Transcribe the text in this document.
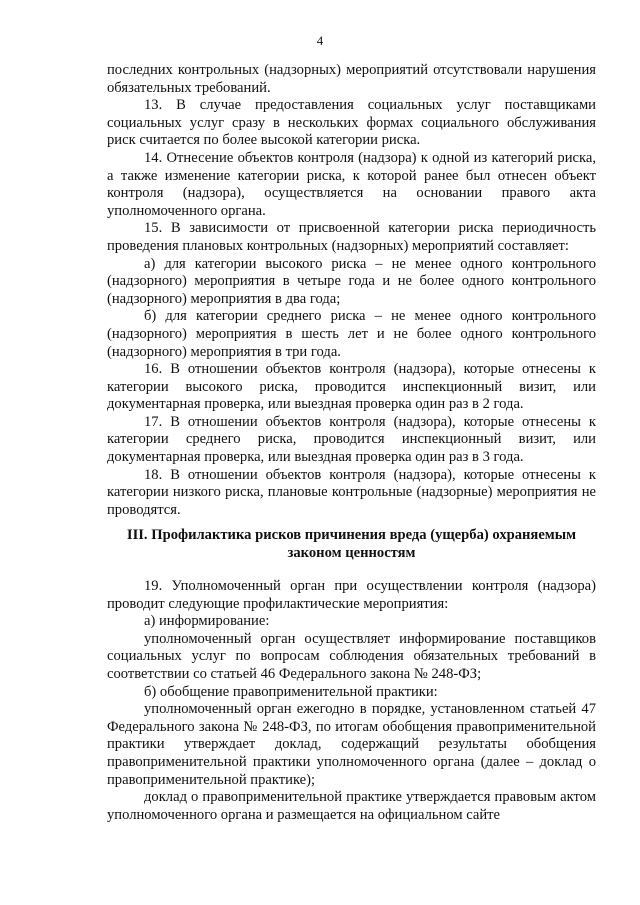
4

последних контрольных (надзорных) мероприятий отсутствовали нарушения обязательных требований.

13. В случае предоставления социальных услуг поставщиками социальных услуг сразу в нескольких формах социального обслуживания риск считается по более высокой категории риска.

14. Отнесение объектов контроля (надзора) к одной из категорий риска, а также изменение категории риска, к которой ранее был отнесен объект контроля (надзора), осуществляется на основании правого акта уполномоченного органа.

15. В зависимости от присвоенной категории риска периодичность проведения плановых контрольных (надзорных) мероприятий составляет:

а) для категории высокого риска – не менее одного контрольного (надзорного) мероприятия в четыре года и не более одного контрольного (надзорного) мероприятия в два года;

б) для категории среднего риска – не менее одного контрольного (надзорного) мероприятия в шесть лет и не более одного контрольного (надзорного) мероприятия в три года.

16. В отношении объектов контроля (надзора), которые отнесены к категории высокого риска, проводится инспекционный визит, или документарная проверка, или выездная проверка один раз в 2 года.

17. В отношении объектов контроля (надзора), которые отнесены к категории среднего риска, проводится инспекционный визит, или документарная проверка, или выездная проверка один раз в 3 года.

18. В отношении объектов контроля (надзора), которые отнесены к категории низкого риска, плановые контрольные (надзорные) мероприятия не проводятся.

III. Профилактика рисков причинения вреда (ущерба) охраняемым законом ценностям

19. Уполномоченный орган при осуществлении контроля (надзора) проводит следующие профилактические мероприятия:

а) информирование:

уполномоченный орган осуществляет информирование поставщиков социальных услуг по вопросам соблюдения обязательных требований в соответствии со статьей 46 Федерального закона № 248-ФЗ;

б) обобщение правоприменительной практики:

уполномоченный орган ежегодно в порядке, установленном статьей 47 Федерального закона № 248-ФЗ, по итогам обобщения правоприменительной практики утверждает доклад, содержащий результаты обобщения правоприменительной практики уполномоченного органа (далее – доклад о правоприменительной практике);

доклад о правоприменительной практике утверждается правовым актом уполномоченного органа и размещается на официальном сайте
